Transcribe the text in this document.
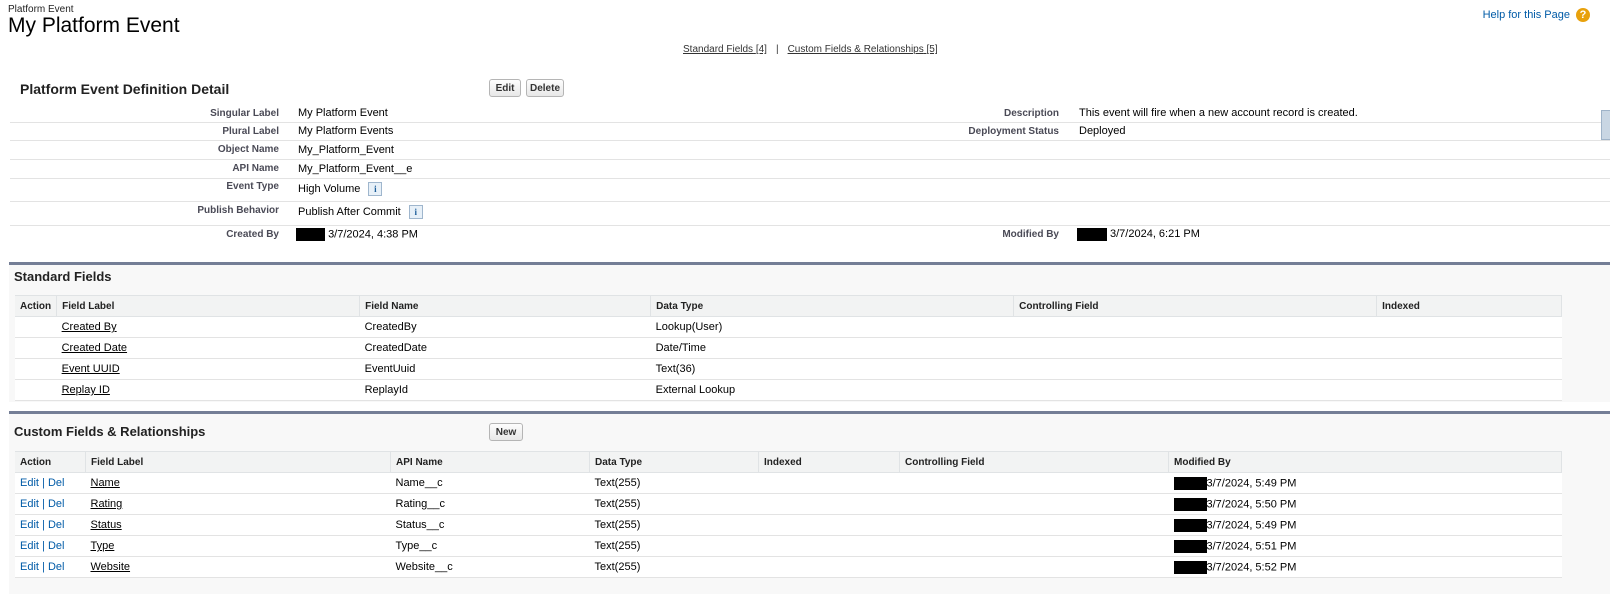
Platform Event
My Platform Event	Help for this Page ?
Standard Fields [4] | Custom Fields & Relationships [5]
Platform Event Definition Detail	Edit	Delete
Singular Label My Platform Event
Plural Label My Platform Events
Object Name My_Platform_Event
API Name My_Platform_Event__e
Event Type High Volume i
Publish Behavior Publish After Commit i
Created By	3/7/2024, 4:38 PM
Description This event will fire when a new account record is created.
Deployment Status Deployed
Modified By	3/7/2024, 6:21 PM
Standard Fields
Action	Field Label	Field Name	Data Type	Controlling Field	Indexed
	Created By	CreatedBy	Lookup(User)		
	Created Date	CreatedDate	Date/Time		
	Event UUID	EventUuid	Text(36)		
	Replay ID	ReplayId	External Lookup		
Custom Fields & Relationships	New
Action	Field Label	API Name	Data Type	Indexed	Controlling Field	Modified By
Edit | Del	Name	Name__c	Text(255)			3/7/2024, 5:49 PM
Edit | Del	Rating	Rating__c	Text(255)			3/7/2024, 5:50 PM
Edit | Del	Status	Status__c	Text(255)			3/7/2024, 5:49 PM
Edit | Del	Type	Type__c	Text(255)			3/7/2024, 5:51 PM
Edit | Del	Website	Website__c	Text(255)			3/7/2024, 5:52 PM
